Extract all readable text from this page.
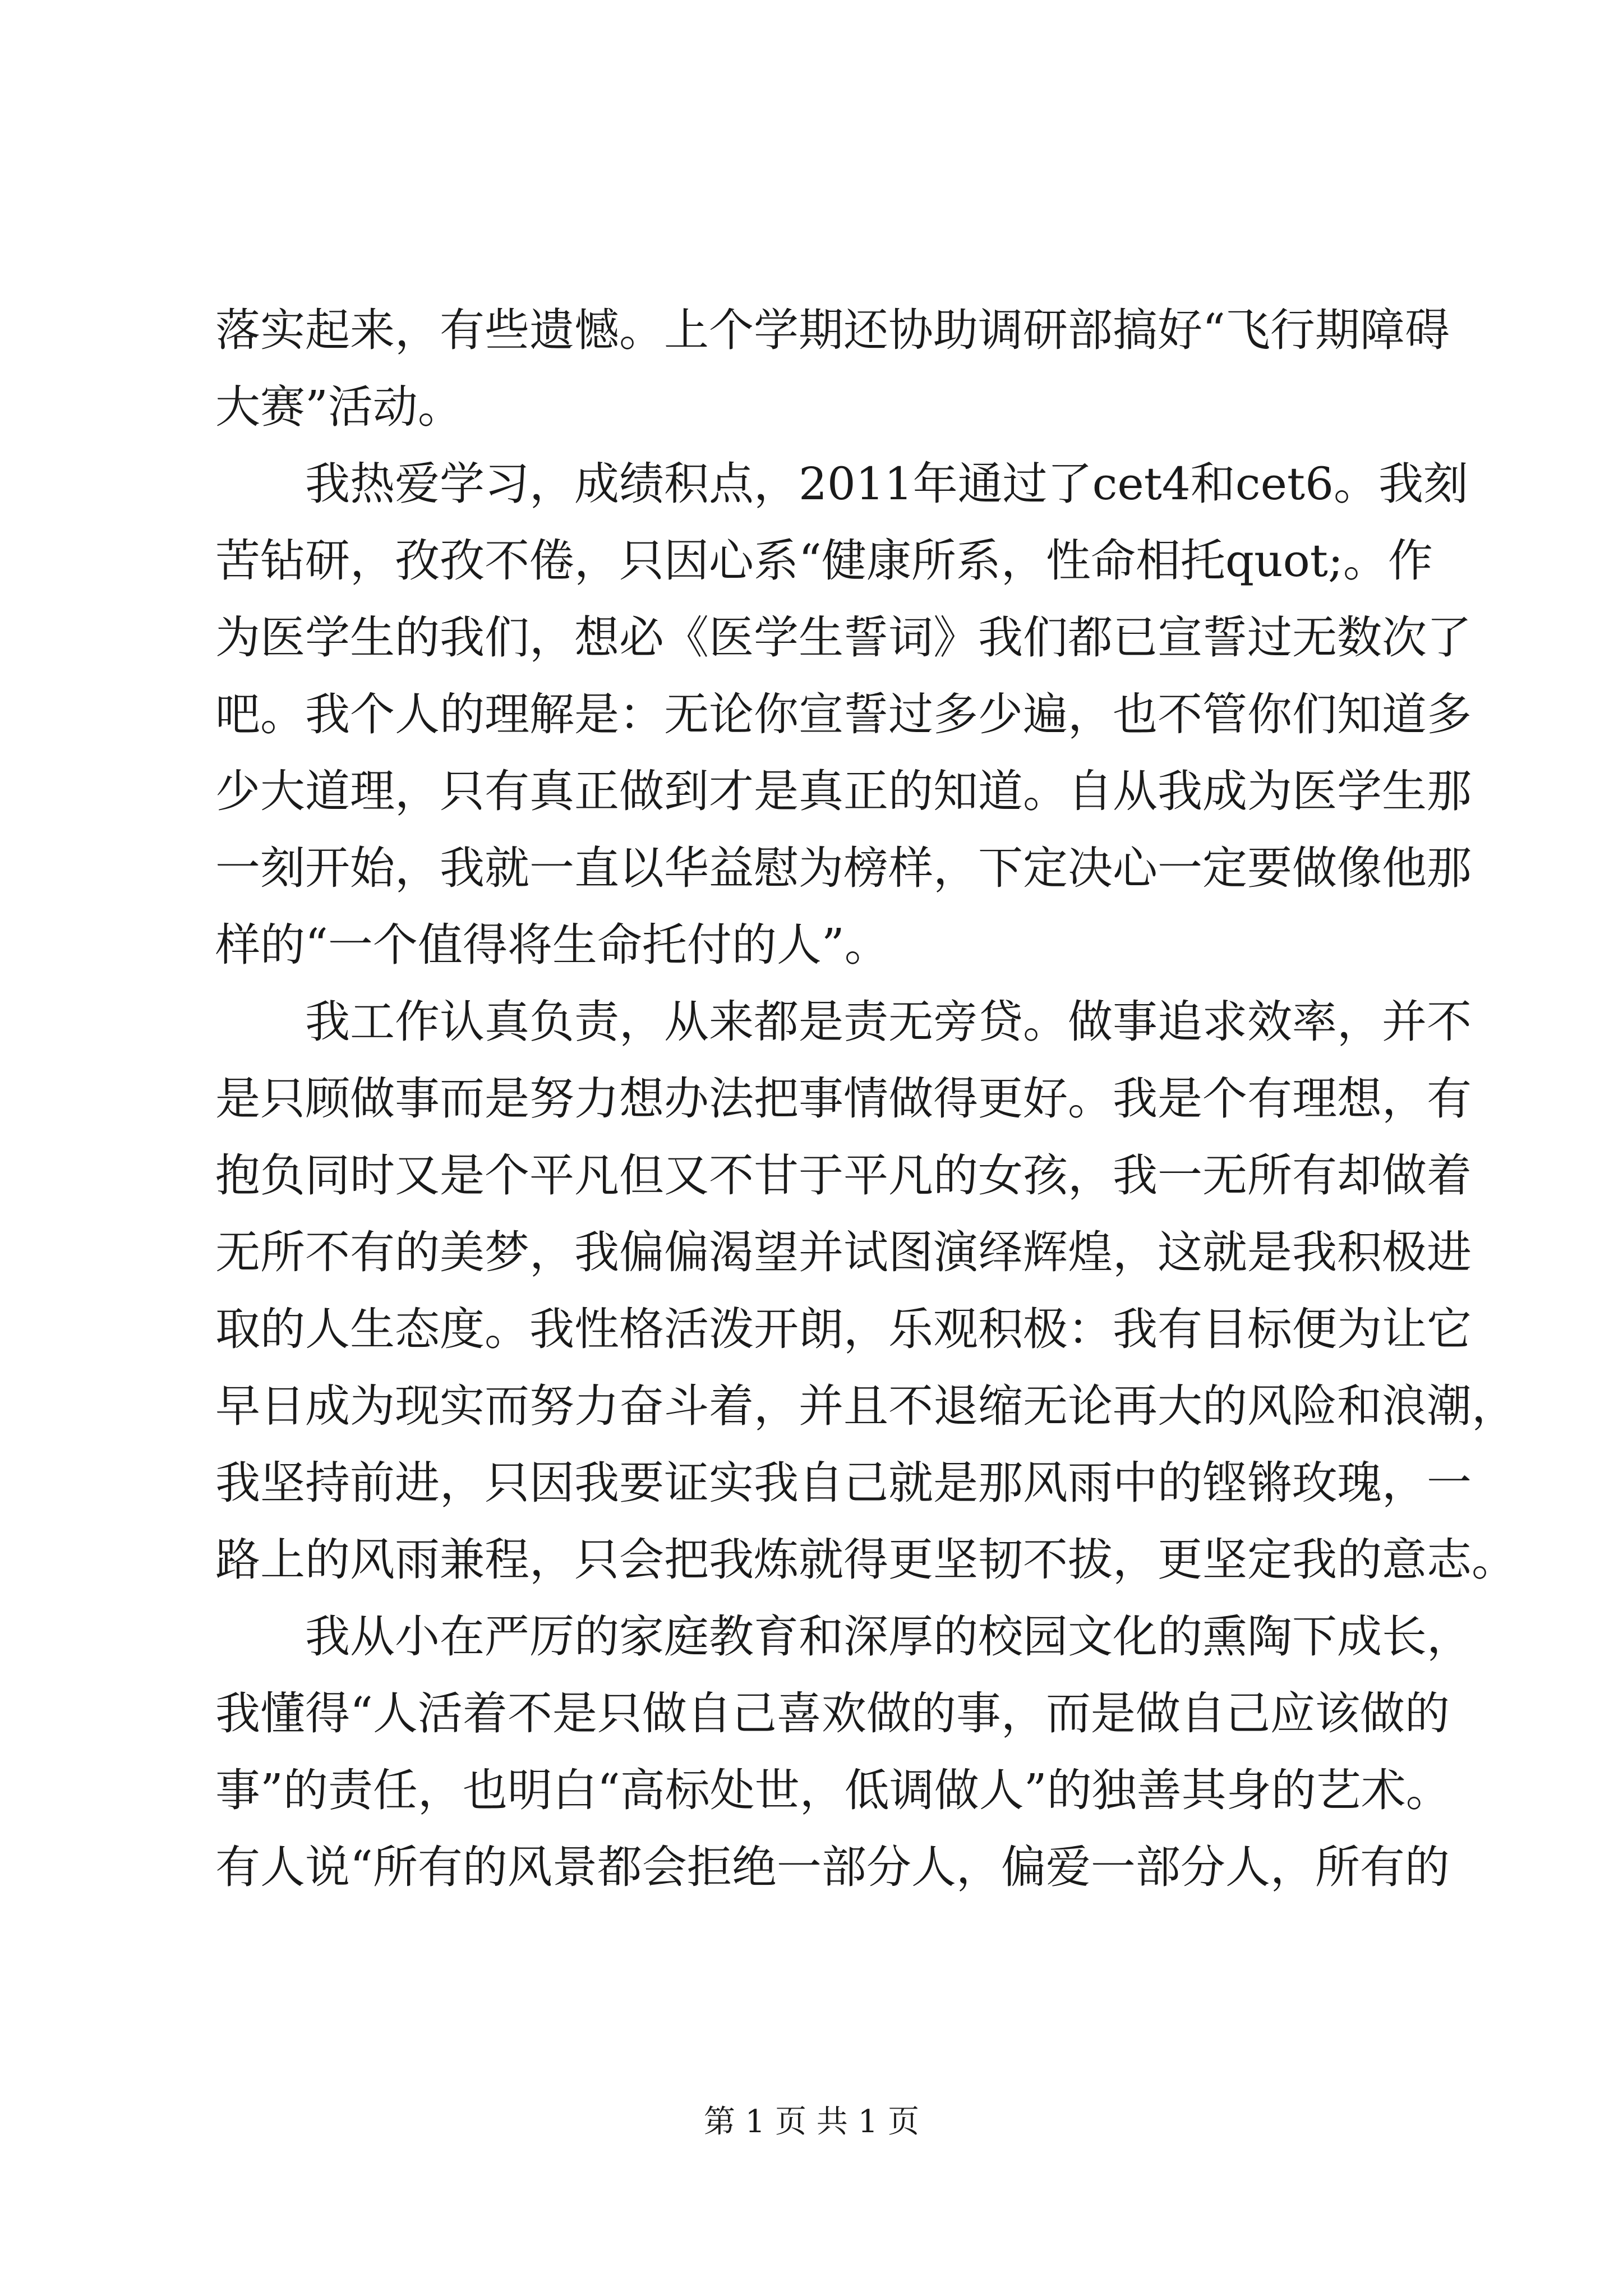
落实起来，有些遗憾。上个学期还协助调研部搞好“飞行期障碍
大赛”活动。
我热爱学习，成绩积点，2011年通过了cet4和cet6。我刻
苦钻研，孜孜不倦，只因心系“健康所系，性命相托quot;。作
为医学生的我们，想必《医学生誓词》我们都已宣誓过无数次了
吧。我个人的理解是：无论你宣誓过多少遍，也不管你们知道多
少大道理，只有真正做到才是真正的知道。自从我成为医学生那
一刻开始，我就一直以华益慰为榜样，下定决心一定要做像他那
样的“一个值得将生命托付的人”。
我工作认真负责，从来都是责无旁贷。做事追求效率，并不
是只顾做事而是努力想办法把事情做得更好。我是个有理想，有
抱负同时又是个平凡但又不甘于平凡的女孩，我一无所有却做着
无所不有的美梦，我偏偏渴望并试图演绎辉煌，这就是我积极进
取的人生态度。我性格活泼开朗，乐观积极：我有目标便为让它
早日成为现实而努力奋斗着，并且不退缩无论再大的风险和浪潮，
我坚持前进，只因我要证实我自己就是那风雨中的铿锵玫瑰，一
路上的风雨兼程，只会把我炼就得更坚韧不拔，更坚定我的意志。
我从小在严厉的家庭教育和深厚的校园文化的熏陶下成长，
我懂得“人活着不是只做自己喜欢做的事，而是做自己应该做的
事”的责任，也明白“高标处世，低调做人”的独善其身的艺术。
有人说“所有的风景都会拒绝一部分人，偏爱一部分人，所有的
第 1 页 共 1 页
